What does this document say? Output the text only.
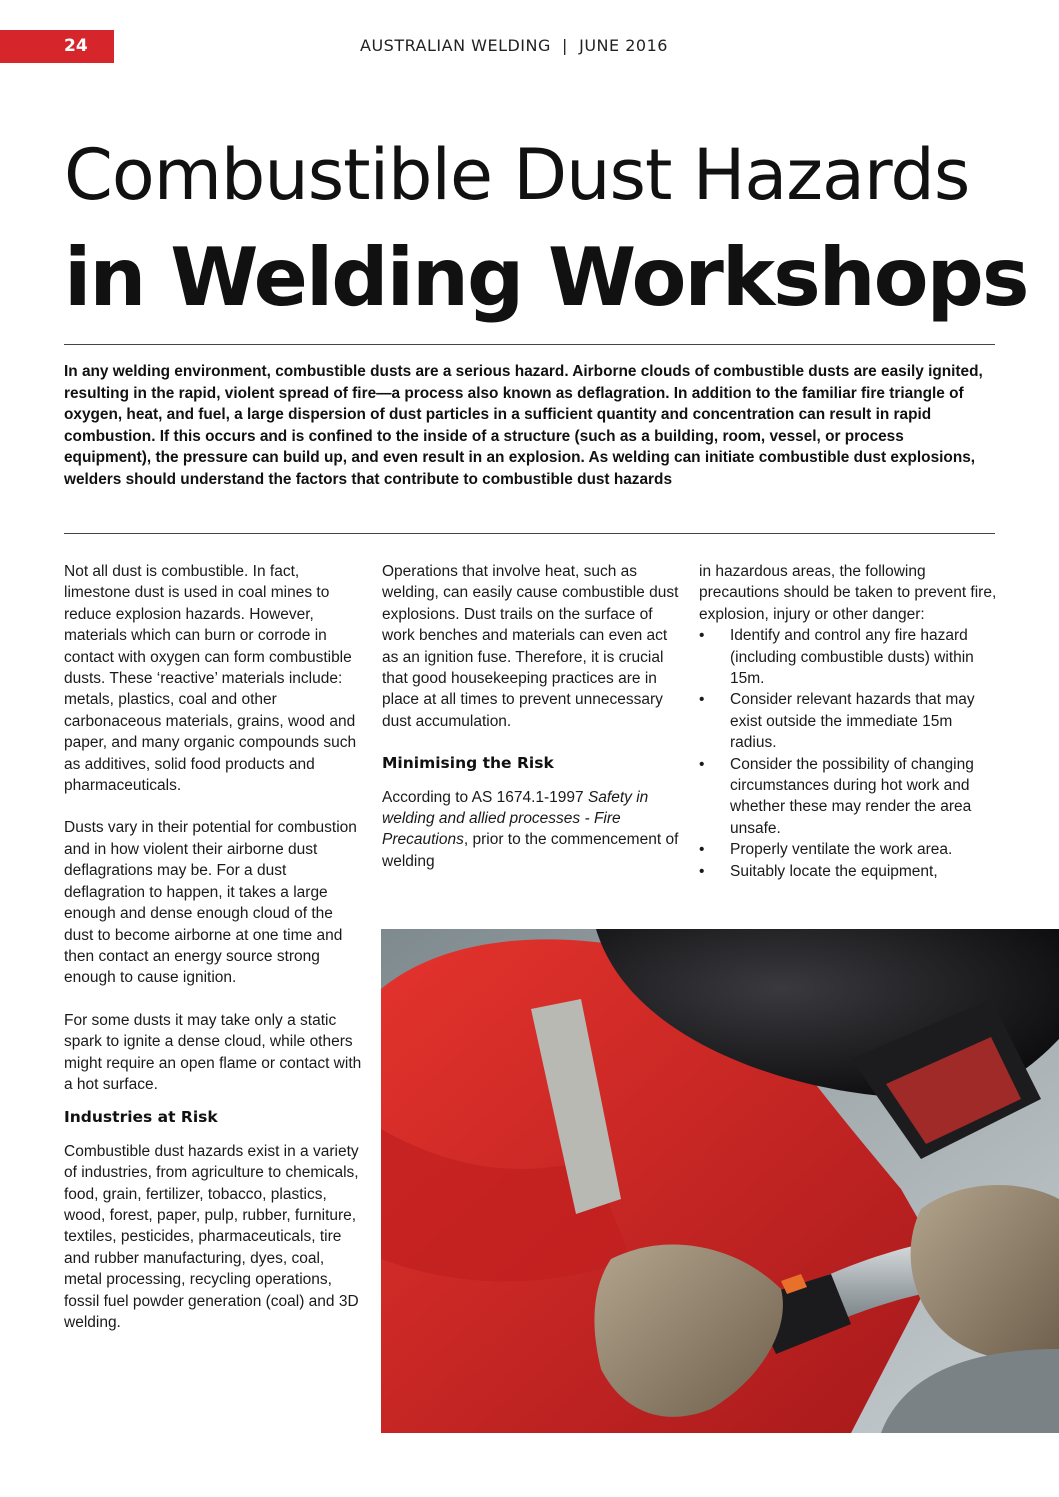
24	AUSTRALIAN WELDING  |  JUNE 2016
Combustible Dust Hazards
in Welding Workshops
In any welding environment, combustible dusts are a serious hazard. Airborne clouds of combustible dusts are easily ignited, resulting in the rapid, violent spread of fire—a process also known as deflagration. In addition to the familiar fire triangle of oxygen, heat, and fuel, a large dispersion of dust particles in a sufficient quantity and concentration can result in rapid combustion. If this occurs and is confined to the inside of a structure (such as a building, room, vessel, or process equipment), the pressure can build up, and even result in an explosion. As welding can initiate combustible dust explosions, welders should understand the factors that contribute to combustible dust hazards

Not all dust is combustible. In fact, limestone dust is used in coal mines to reduce explosion hazards. However, materials which can burn or corrode in contact with oxygen can form combustible dusts. These ‘reactive’ materials include: metals, plastics, coal and other carbonaceous materials, grains, wood and paper, and many organic compounds such as additives, solid food products and pharmaceuticals.

Dusts vary in their potential for combustion and in how violent their airborne dust deflagrations may be. For a dust deflagration to happen, it takes a large enough and dense enough cloud of the dust to become airborne at one time and then contact an energy source strong enough to cause ignition.

For some dusts it may take only a static spark to ignite a dense cloud, while others might require an open flame or contact with a hot surface.

Industries at Risk

Combustible dust hazards exist in a variety of industries, from agriculture to chemicals, food, grain, fertilizer, tobacco, plastics, wood, forest, paper, pulp, rubber, furniture, textiles, pesticides, pharmaceuticals, tire and rubber manufacturing, dyes, coal, metal processing, recycling operations, fossil fuel powder generation (coal) and 3D welding.

Operations that involve heat, such as welding, can easily cause combustible dust explosions. Dust trails on the surface of work benches and materials can even act as an ignition fuse. Therefore, it is crucial that good housekeeping practices are in place at all times to prevent unnecessary dust accumulation.

Minimising the Risk

According to AS 1674.1-1997 Safety in welding and allied processes - Fire Precautions, prior to the commencement of welding

in hazardous areas, the following precautions should be taken to prevent fire, explosion, injury or other danger:

• Identify and control any fire hazard (including combustible dusts) within 15m.
• Consider relevant hazards that may exist outside the immediate 15m radius.
• Consider the possibility of changing circumstances during hot work and whether these may render the area unsafe.
• Properly ventilate the work area.
• Suitably locate the equipment,
